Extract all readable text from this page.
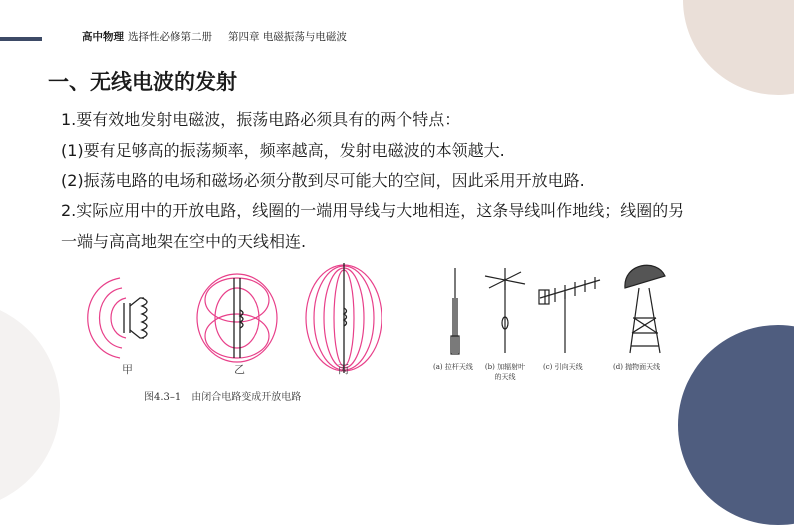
高中物理 选择性必修第二册 第四章 电磁振荡与电磁波
一、无线电波的发射
1.要有效地发射电磁波，振荡电路必须具有的两个特点：
(1)要有足够高的振荡频率，频率越高，发射电磁波的本领越大.
(2)振荡电路的电场和磁场必须分散到尽可能大的空间，因此采用开放电路.
2.实际应用中的开放电路，线圈的一端用导线与大地相连，这条导线叫作地线；线圈的另
一端与高高地架在空中的天线相连.
甲	乙	丙
图4.3–1　由闭合电路变成开放电路
(a) 拉杆天线 (b) 加辐射叶的天线
(c) 引向天线	(d) 抛物面天线
